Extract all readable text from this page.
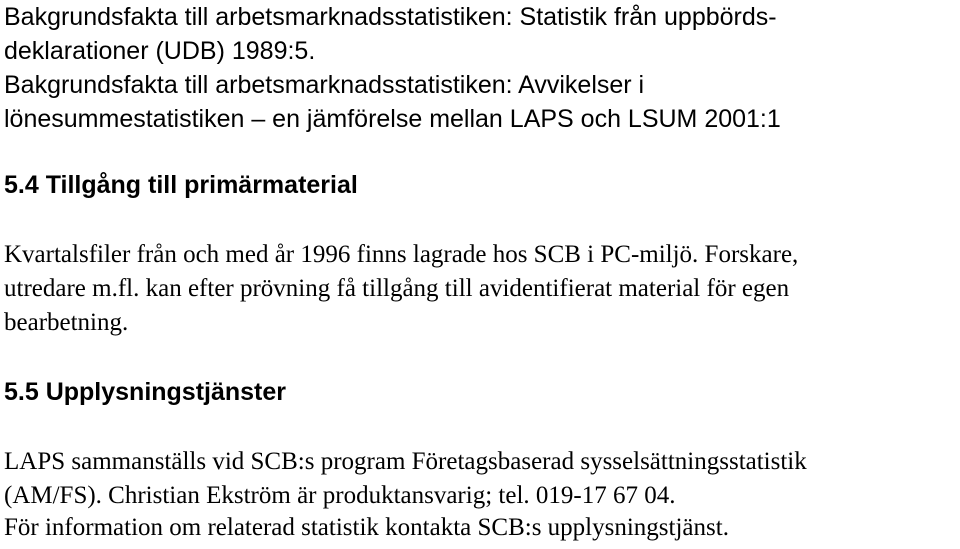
Bakgrundsfakta till arbetsmarknadsstatistiken: Statistik från uppbörds-

deklarationer (UDB) 1989:5.

Bakgrundsfakta till arbetsmarknadsstatistiken: Avvikelser i

lönesummestatistiken – en jämförelse mellan LAPS och LSUM 2001:1

5.4 Tillgång till primärmaterial

Kvartalsfiler från och med år 1996 finns lagrade hos SCB i PC-miljö. Forskare,

utredare m.fl. kan efter prövning få tillgång till avidentifierat material för egen

bearbetning.

5.5 Upplysningstjänster

LAPS sammanställs vid SCB:s program Företagsbaserad sysselsättningsstatistik

(AM/FS). Christian Ekström är produktansvarig; tel. 019-17 67 04.

För information om relaterad statistik kontakta SCB:s upplysningstjänst.
